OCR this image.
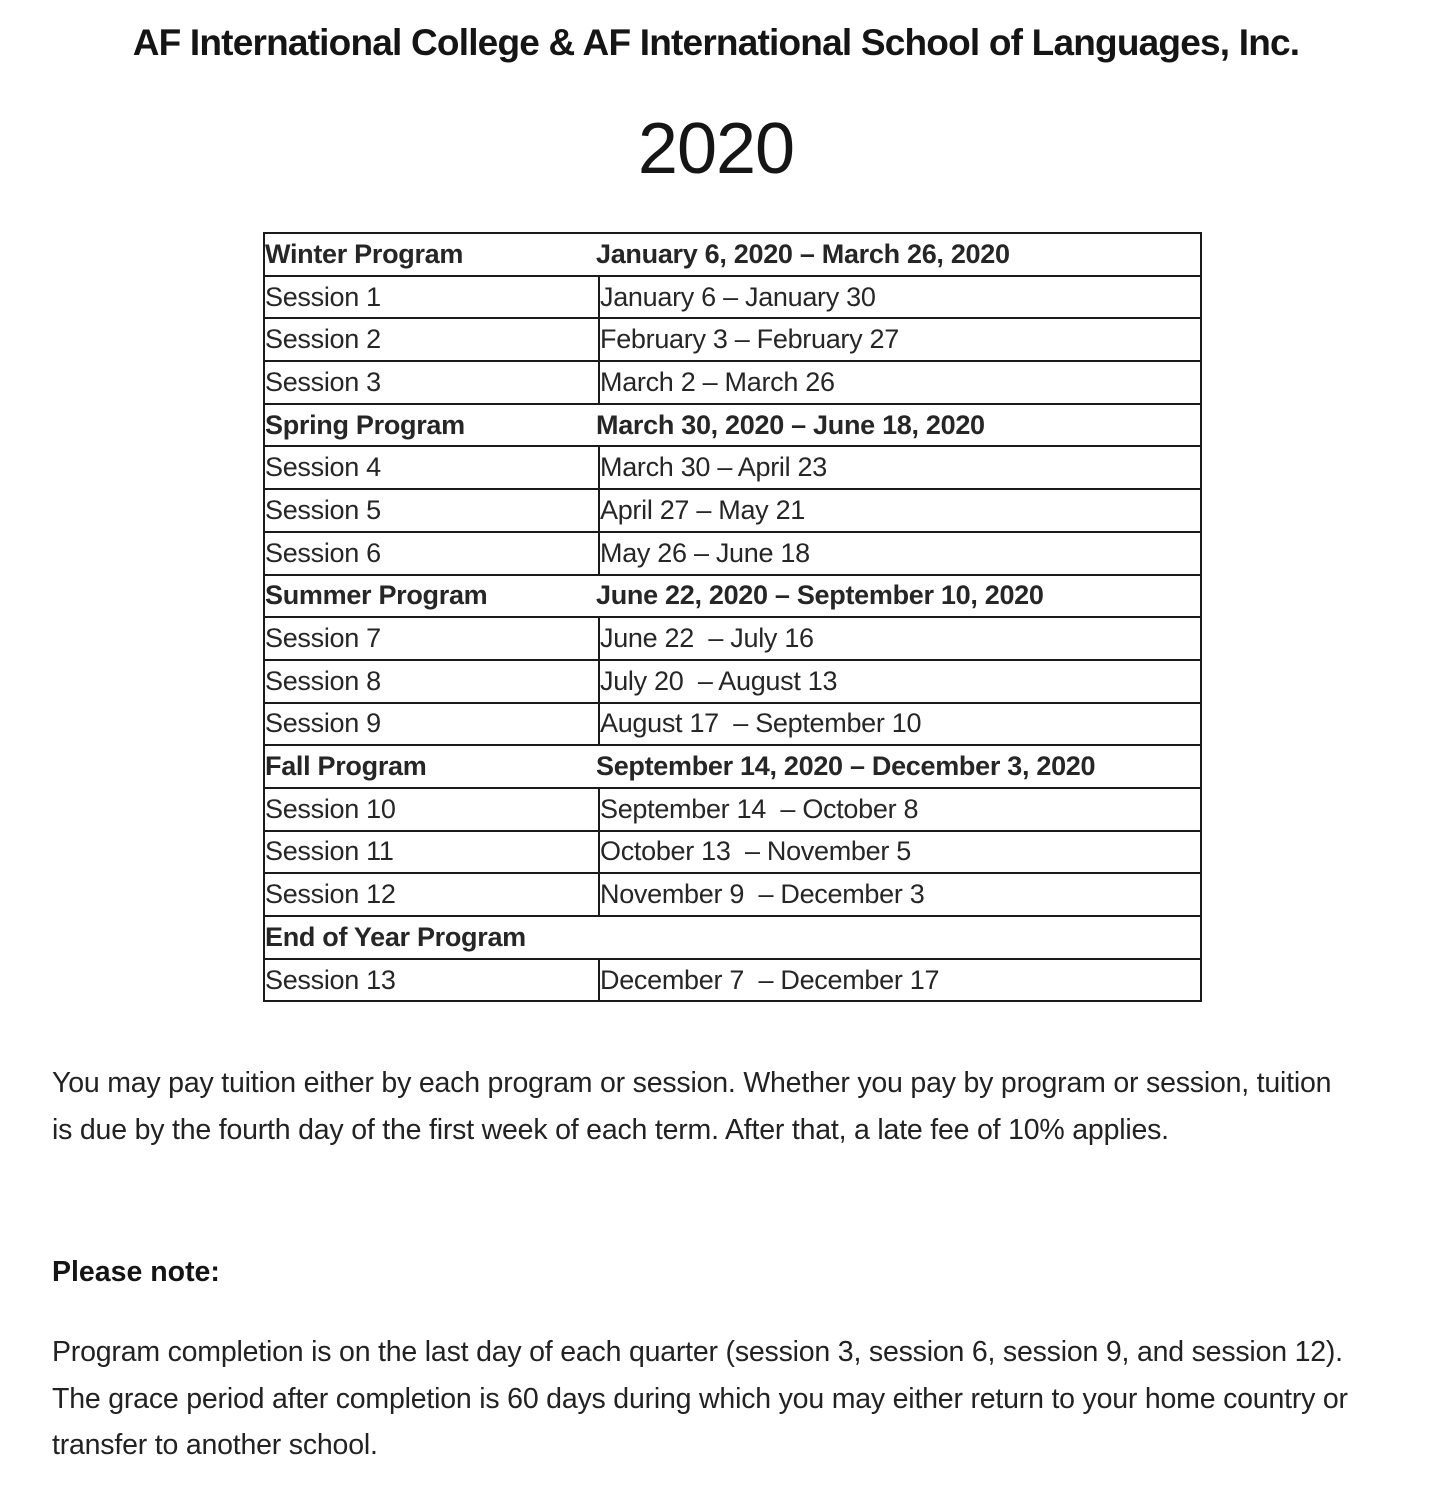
AF International College & AF International School of Languages, Inc.
2020
Winter Program January 6, 2020 – March 26, 2020	
Session 1	January 6 – January 30
Session 2	February 3 – February 27
Session 3	March 2 – March 26
Spring Program March 30, 2020 – June 18, 2020	
Session 4	March 30 – April 23
Session 5	April 27 – May 21
Session 6	May 26 – June 18
Summer Program June 22, 2020 – September 10, 2020	
Session 7	June 22  – July 16
Session 8	July 20  – August 13
Session 9	August 17  – September 10
Fall Program September 14, 2020 – December 3, 2020	
Session 10	September 14  – October 8
Session 11	October 13  – November 5
Session 12	November 9  – December 3
End of Year Program	
Session 13	December 7  – December 17

You may pay tuition either by each program or session. Whether you pay by program or session, tuition is due by the fourth day of the first week of each term. After that, a late fee of 10% applies.

Please note:

Program completion is on the last day of each quarter (session 3, session 6, session 9, and session 12). The grace period after completion is 60 days during which you may either return to your home country or transfer to another school.
